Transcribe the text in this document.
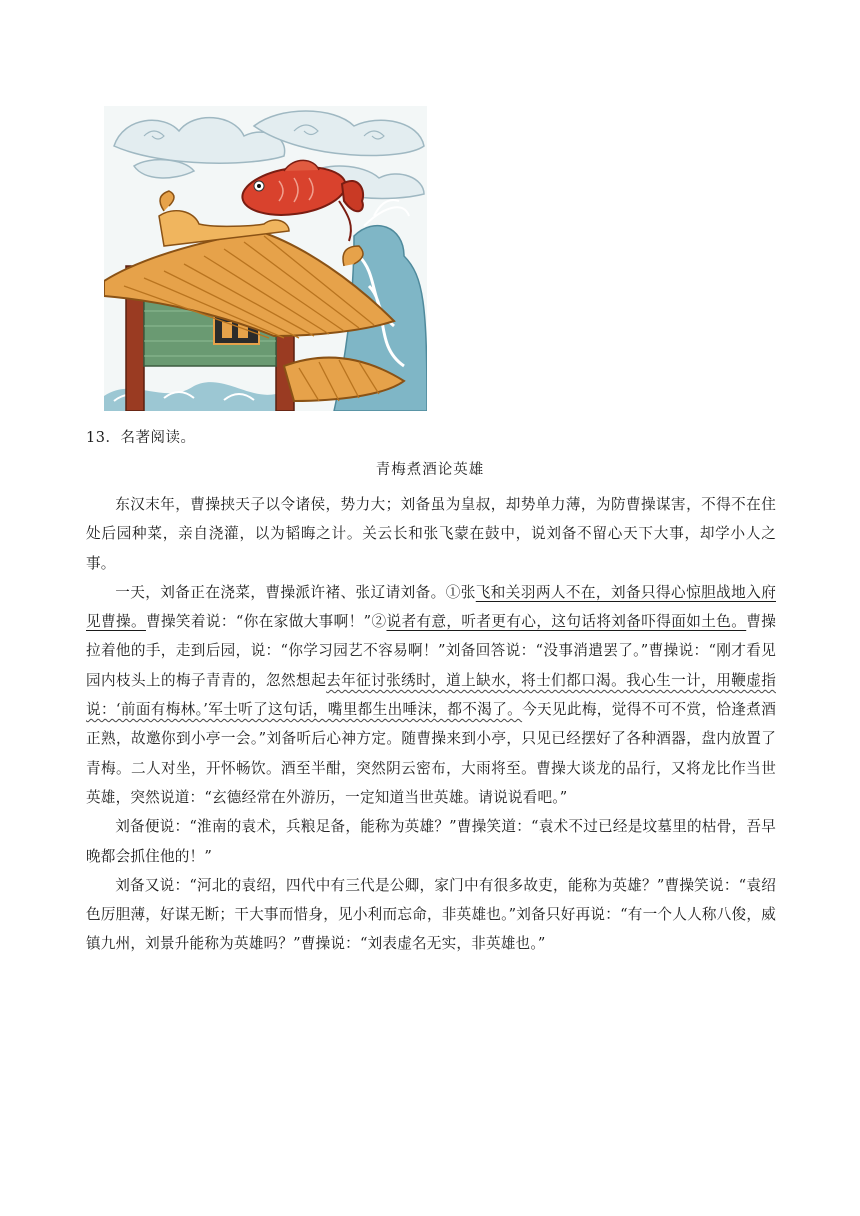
13．名著阅读。
青梅煮酒论英雄

东汉末年，曹操挟天子以令诸侯，势力大；刘备虽为皇叔，却势单力薄，为防曹操谋害，不得不在住处后园种菜，亲自浇灌，以为韬晦之计。关云长和张飞蒙在鼓中，说刘备不留心天下大事，却学小人之事。

一天，刘备正在浇菜，曹操派许褚、张辽请刘备。①张飞和关羽两人不在，刘备只得心惊胆战地入府见曹操。曹操笑着说：“你在家做大事啊！”②说者有意，听者更有心，这句话将刘备吓得面如土色。曹操拉着他的手，走到后园，说：“你学习园艺不容易啊！”刘备回答说：“没事消遣罢了。”曹操说：“刚才看见园内枝头上的梅子青青的，忽然想起去年征讨张绣时，道上缺水，将士们都口渴。我心生一计，用鞭虚指说：‘前面有梅林。’军士听了这句话，嘴里都生出唾沫，都不渴了。今天见此梅，觉得不可不赏，恰逢煮酒正熟，故邀你到小亭一会。”刘备听后心神方定。随曹操来到小亭，只见已经摆好了各种酒器，盘内放置了青梅。二人对坐，开怀畅饮。酒至半酣，突然阴云密布，大雨将至。曹操大谈龙的品行，又将龙比作当世英雄，突然说道：“玄德经常在外游历，一定知道当世英雄。请说说看吧。”

刘备便说：“淮南的袁术，兵粮足备，能称为英雄？”曹操笑道：“袁术不过已经是坟墓里的枯骨，吾早晚都会抓住他的！”

刘备又说：“河北的袁绍，四代中有三代是公卿，家门中有很多故吏，能称为英雄？”曹操笑说：“袁绍色厉胆薄，好谋无断；干大事而惜身，见小利而忘命，非英雄也。”刘备只好再说：“有一个人人称八俊，威镇九州，刘景升能称为英雄吗？”曹操说：“刘表虚名无实，非英雄也。”
